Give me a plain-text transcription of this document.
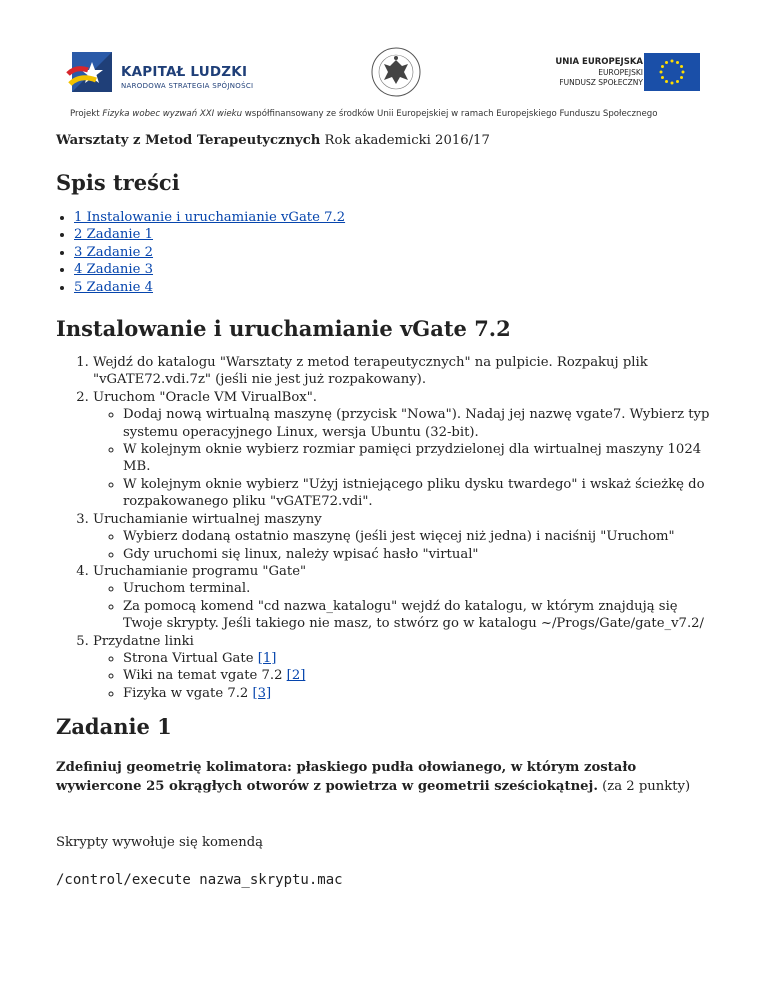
KAPITAŁ LUDZKI
NARODOWA STRATEGIA SPÓJNOŚCI
UNIA EUROPEJSKA
EUROPEJSKI
FUNDUSZ SPOŁECZNY
Projekt Fizyka wobec wyzwań XXI wieku współfinansowany ze środków Unii Europejskiej w ramach Europejskiego Funduszu Społecznego

Warsztaty z Metod Terapeutycznych Rok akademicki 2016/17

Spis treści
• 1 Instalowanie i uruchamianie vGate 7.2
• 2 Zadanie 1
• 3 Zadanie 2
• 4 Zadanie 3
• 5 Zadanie 4
Instalowanie i uruchamianie vGate 7.2
1. Wejdź do katalogu "Warsztaty z metod terapeutycznych" na pulpicie. Rozpakuj plik "vGATE72.vdi.7z" (jeśli nie jest już rozpakowany).
2. Uruchom "Oracle VM VirualBox".
◦ Dodaj nową wirtualną maszynę (przycisk "Nowa"). Nadaj jej nazwę vgate7. Wybierz typ systemu operacyjnego Linux, wersja Ubuntu (32-bit).
◦ W kolejnym oknie wybierz rozmiar pamięci przydzielonej dla wirtualnej maszyny 1024 MB.
◦ W kolejnym oknie wybierz "Użyj istniejącego pliku dysku twardego" i wskaż ścieżkę do rozpakowanego pliku "vGATE72.vdi".
3. Uruchamianie wirtualnej maszyny
◦ Wybierz dodaną ostatnio maszynę (jeśli jest więcej niż jedna) i naciśnij "Uruchom"
◦ Gdy uruchomi się linux, należy wpisać hasło "virtual"
4. Uruchamianie programu "Gate"
◦ Uruchom terminal.
◦ Za pomocą komend "cd nazwa_katalogu" wejdź do katalogu, w którym znajdują się Twoje skrypty. Jeśli takiego nie masz, to stwórz go w katalogu ~/Progs/Gate/gate_v7.2/
5. Przydatne linki
◦ Strona Virtual Gate [1]
◦ Wiki na temat vgate 7.2 [2]
◦ Fizyka w vgate 7.2 [3]
Zadanie 1

Zdefiniuj geometrię kolimatora: płaskiego pudła ołowianego, w którym zostało wywiercone 25 okrągłych otworów z powietrza w geometrii sześciokątnej. (za 2 punkty)

Skrypty wywołuje się komendą

/control/execute nazwa_skryptu.mac
